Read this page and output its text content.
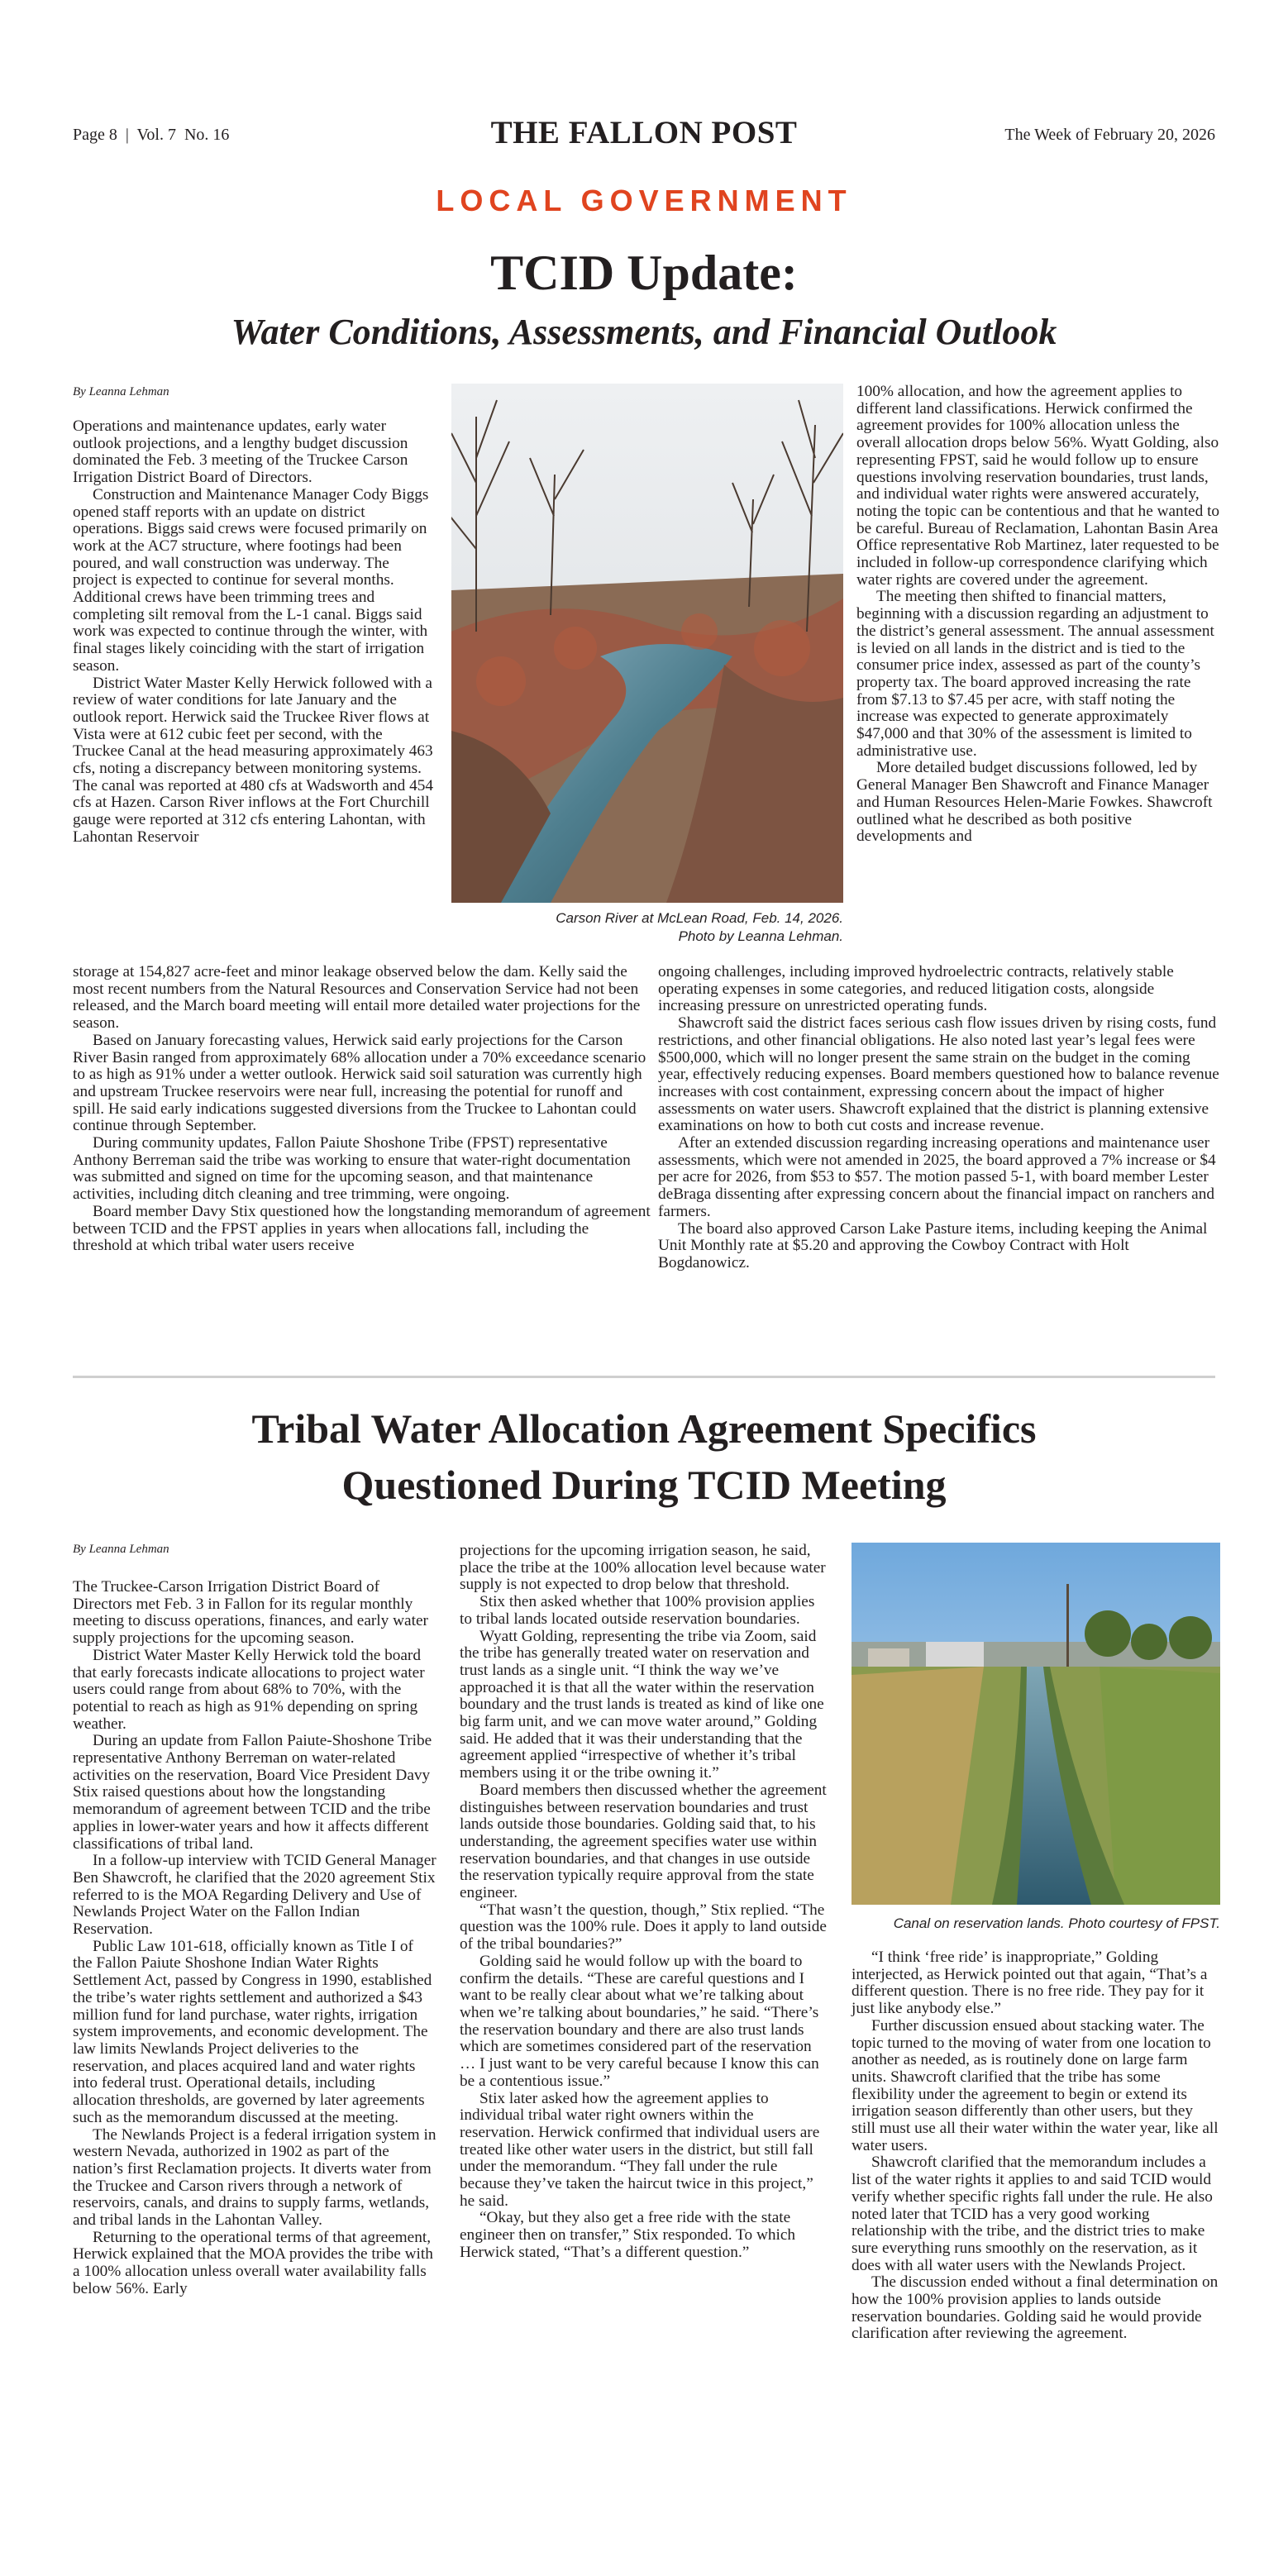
Page 8  |  Vol. 7  No. 16	THE FALLON POST	The Week of February 20, 2026
LOCAL GOVERNMENT
TCID Update:
Water Conditions, Assessments, and Financial Outlook
By Leanna Lehman

Operations and maintenance updates, early water outlook projections, and a lengthy budget discussion dominated the Feb. 3 meeting of the Truckee Carson Irrigation District Board of Directors.

Construction and Maintenance Manager Cody Biggs opened staff reports with an update on district operations. Biggs said crews were focused primarily on work at the AC7 structure, where footings had been poured, and wall construction was underway. The project is expected to continue for several months. Additional crews have been trimming trees and completing silt removal from the L-1 canal. Biggs said work was expected to continue through the winter, with final stages likely coinciding with the start of irrigation season.

District Water Master Kelly Herwick followed with a review of water conditions for late January and the outlook report. Herwick said the Truckee River flows at Vista were at 612 cubic feet per second, with the Truckee Canal at the head measuring approximately 463 cfs, noting a discrepancy between monitoring systems. The canal was reported at 480 cfs at Wadsworth and 454 cfs at Hazen. Carson River inflows at the Fort Churchill gauge were reported at 312 cfs entering Lahontan, with Lahontan Reservoir

Carson River at McLean Road, Feb. 14, 2026.
Photo by Leanna Lehman.

storage at 154,827 acre-feet and minor leakage observed below the dam. Kelly said the most recent numbers from the Natural Resources and Conservation Service had not been released, and the March board meeting will entail more detailed water projections for the season.

Based on January forecasting values, Herwick said early projections for the Carson River Basin ranged from approximately 68% allocation under a 70% exceedance scenario to as high as 91% under a wetter outlook. Herwick said soil saturation was currently high and upstream Truckee reservoirs were near full, increasing the potential for runoff and spill. He said early indications suggested diversions from the Truckee to Lahontan could continue through September.

During community updates, Fallon Paiute Shoshone Tribe (FPST) representative Anthony Berreman said the tribe was working to ensure that water-right documentation was submitted and signed on time for the upcoming season, and that maintenance activities, including ditch cleaning and tree trimming, were ongoing.

Board member Davy Stix questioned how the longstanding memorandum of agreement between TCID and the FPST applies in years when allocations fall, including the threshold at which tribal water users receive

100% allocation, and how the agreement applies to different land classifications. Herwick confirmed the agreement provides for 100% allocation unless the overall allocation drops below 56%. Wyatt Golding, also representing FPST, said he would follow up to ensure questions involving reservation boundaries, trust lands, and individual water rights were answered accurately, noting the topic can be contentious and that he wanted to be careful. Bureau of Reclamation, Lahontan Basin Area Office representative Rob Martinez, later requested to be included in follow-up correspondence clarifying which water rights are covered under the agreement.

The meeting then shifted to financial matters, beginning with a discussion regarding an adjustment to the district’s general assessment. The annual assessment is levied on all lands in the district and is tied to the consumer price index, assessed as part of the county’s property tax. The board approved increasing the rate from $7.13 to $7.45 per acre, with staff noting the increase was expected to generate approximately $47,000 and that 30% of the assessment is limited to administrative use.

More detailed budget discussions followed, led by General Manager Ben Shawcroft and Finance Manager and Human Resources Helen-Marie Fowkes. Shawcroft outlined what he described as both positive developments and

ongoing challenges, including improved hydroelectric contracts, relatively stable operating expenses in some categories, and reduced litigation costs, alongside increasing pressure on unrestricted operating funds.

Shawcroft said the district faces serious cash flow issues driven by rising costs, fund restrictions, and other financial obligations. He also noted last year’s legal fees were $500,000, which will no longer present the same strain on the budget in the coming year, effectively reducing expenses. Board members questioned how to balance revenue increases with cost containment, expressing concern about the impact of higher assessments on water users. Shawcroft explained that the district is planning extensive examinations on how to both cut costs and increase revenue.

After an extended discussion regarding increasing operations and maintenance user assessments, which were not amended in 2025, the board approved a 7% increase or $4 per acre for 2026, from $53 to $57. The motion passed 5-1, with board member Lester deBraga dissenting after expressing concern about the financial impact on ranchers and farmers.

The board also approved Carson Lake Pasture items, including keeping the Animal Unit Monthly rate at $5.20 and approving the Cowboy Contract with Holt Bogdanowicz.

Tribal Water Allocation Agreement Specifics
Questioned During TCID Meeting
By Leanna Lehman

The Truckee-Carson Irrigation District Board of Directors met Feb. 3 in Fallon for its regular monthly meeting to discuss operations, finances, and early water supply projections for the upcoming season.

District Water Master Kelly Herwick told the board that early forecasts indicate allocations to project water users could range from about 68% to 70%, with the potential to reach as high as 91% depending on spring weather.

During an update from Fallon Paiute-Shoshone Tribe representative Anthony Berreman on water-related activities on the reservation, Board Vice President Davy Stix raised questions about how the longstanding memorandum of agreement between TCID and the tribe applies in lower-water years and how it affects different classifications of tribal land.

In a follow-up interview with TCID General Manager Ben Shawcroft, he clarified that the 2020 agreement Stix referred to is the MOA Regarding Delivery and Use of Newlands Project Water on the Fallon Indian Reservation.

Public Law 101-618, officially known as Title I of the Fallon Paiute Shoshone Indian Water Rights Settlement Act, passed by Congress in 1990, established the tribe’s water rights settlement and authorized a $43 million fund for land purchase, water rights, irrigation system improvements, and economic development. The law limits Newlands Project deliveries to the reservation, and places acquired land and water rights into federal trust. Operational details, including allocation thresholds, are governed by later agreements such as the memorandum discussed at the meeting.

The Newlands Project is a federal irrigation system in western Nevada, authorized in 1902 as part of the nation’s first Reclamation projects. It diverts water from the Truckee and Carson rivers through a network of reservoirs, canals, and drains to supply farms, wetlands, and tribal lands in the Lahontan Valley.

Returning to the operational terms of that agreement, Herwick explained that the MOA provides the tribe with a 100% allocation unless overall water availability falls below 56%. Early

projections for the upcoming irrigation season, he said, place the tribe at the 100% allocation level because water supply is not expected to drop below that threshold.

Stix then asked whether that 100% provision applies to tribal lands located outside reservation boundaries.

Wyatt Golding, representing the tribe via Zoom, said the tribe has generally treated water on reservation and trust lands as a single unit. “I think the way we’ve approached it is that all the water within the reservation boundary and the trust lands is treated as kind of like one big farm unit, and we can move water around,” Golding said. He added that it was their understanding that the agreement applied “irrespective of whether it’s tribal members using it or the tribe owning it.”

Board members then discussed whether the agreement distinguishes between reservation boundaries and trust lands outside those boundaries. Golding said that, to his understanding, the agreement specifies water use within reservation boundaries, and that changes in use outside the reservation typically require approval from the state engineer.

“That wasn’t the question, though,” Stix replied. “The question was the 100% rule. Does it apply to land outside of the tribal boundaries?”

Golding said he would follow up with the board to confirm the details. “These are careful questions and I want to be really clear about what we’re talking about when we’re talking about boundaries,” he said. “There’s the reservation boundary and there are also trust lands which are sometimes considered part of the reservation … I just want to be very careful because I know this can be a contentious issue.”

Stix later asked how the agreement applies to individual tribal water right owners within the reservation. Herwick confirmed that individual users are treated like other water users in the district, but still fall under the memorandum. “They fall under the rule because they’ve taken the haircut twice in this project,” he said.

“Okay, but they also get a free ride with the state engineer then on transfer,” Stix responded. To which Herwick stated, “That’s a different question.”

Canal on reservation lands. Photo courtesy of FPST.

“I think ‘free ride’ is inappropriate,” Golding interjected, as Herwick pointed out that again, “That’s a different question. There is no free ride. They pay for it just like anybody else.”

Further discussion ensued about stacking water. The topic turned to the moving of water from one location to another as needed, as is routinely done on large farm units. Shawcroft clarified that the tribe has some flexibility under the agreement to begin or extend its irrigation season differently than other users, but they still must use all their water within the water year, like all water users.

Shawcroft clarified that the memorandum includes a list of the water rights it applies to and said TCID would verify whether specific rights fall under the rule. He also noted later that TCID has a very good working relationship with the tribe, and the district tries to make sure everything runs smoothly on the reservation, as it does with all water users with the Newlands Project.

The discussion ended without a final determination on how the 100% provision applies to lands outside reservation boundaries. Golding said he would provide clarification after reviewing the agreement.
